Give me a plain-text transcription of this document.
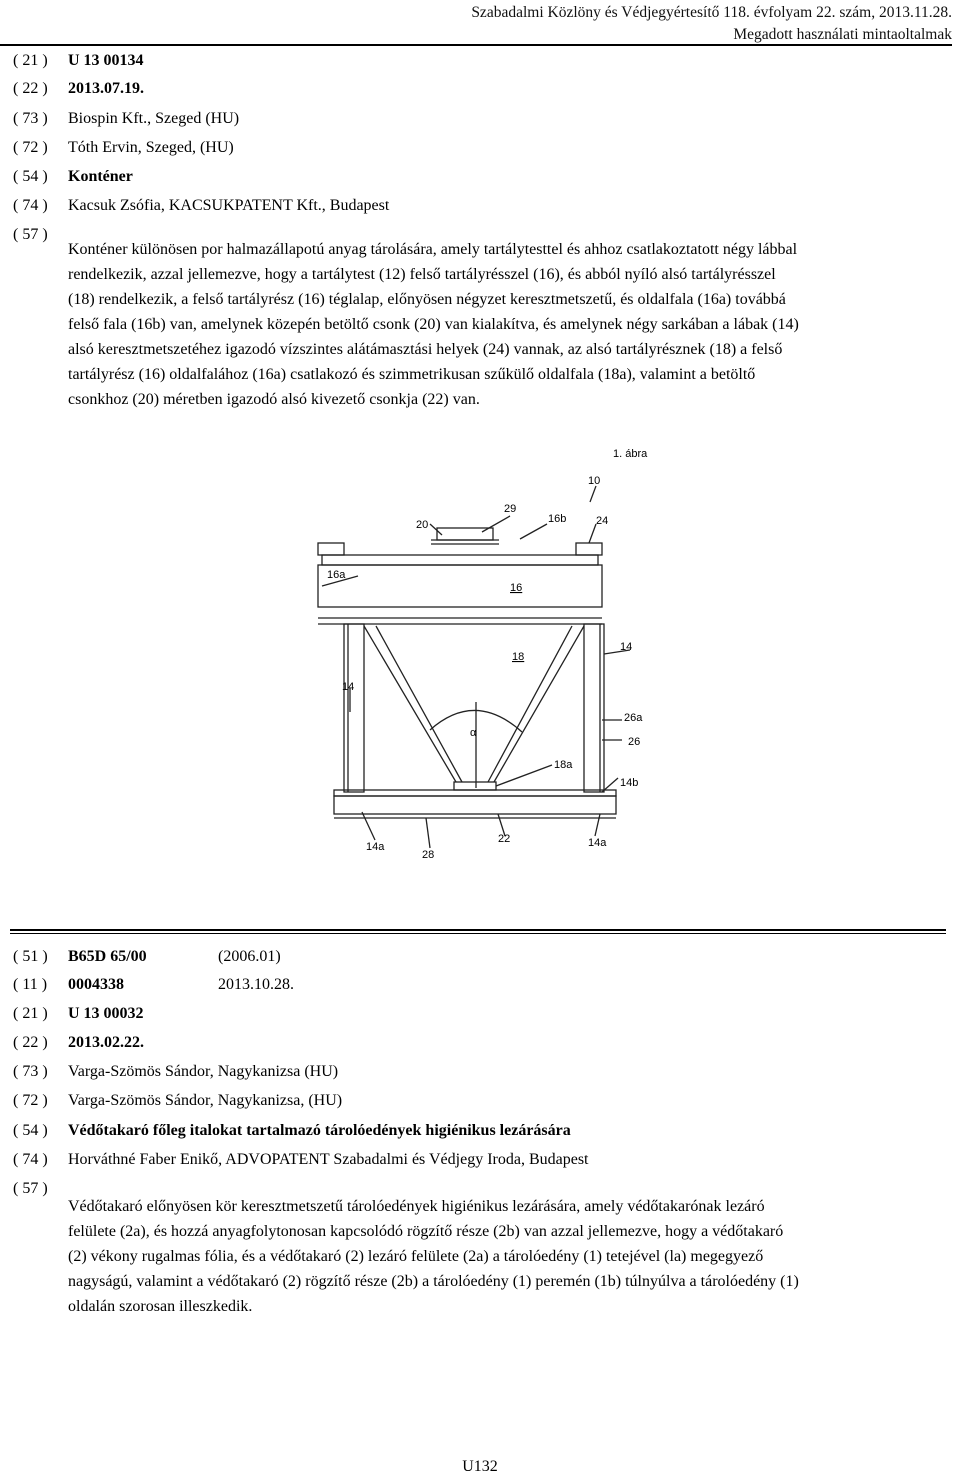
Szabadalmi Közlöny és Védjegyértesítő 118. évfolyam 22. szám, 2013.11.28.
Megadott használati mintaoltalmak
( 21 ) U 13 00134
( 22 ) 2013.07.19.
( 73 ) Biospin Kft., Szeged (HU)
( 72 ) Tóth Ervin, Szeged, (HU)
( 54 ) Konténer
( 74 ) Kacsuk Zsófia, KACSUKPATENT Kft., Budapest
( 57 )
Konténer különösen por halmazállapotú anyag tárolására, amely tartálytesttel és ahhoz csatlakoztatott négy lábbal
rendelkezik, azzal jellemezve, hogy a tartálytest (12) felső tartályrésszel (16), és abból nyíló alsó tartályrésszel
(18) rendelkezik, a felső tartályrész (16) téglalap, előnyösen négyzet keresztmetszetű, és oldalfala (16a) továbbá
felső fala (16b) van, amelynek közepén betöltő csonk (20) van kialakítva, és amelynek négy sarkában a lábak (14)
alsó keresztmetszetéhez igazodó vízszintes alátámasztási helyek (24) vannak, az alsó tartályrésznek (18) a felső
tartályrész (16) oldalfalához (16a) csatlakozó és szimmetrikusan szűkülő oldalfala (18a), valamint a betöltő
csonkhoz (20) méretben igazodó alsó kivezető csonkja (22) van.
1. ábra
10
29
20	16b	24
16a
16
18
14
14
26a
α
26
18a
14b
22
14a
28
14a
( 51 ) B65D 65/00	(2006.01)
( 11 ) 0004338	2013.10.28.
( 21 ) U 13 00032
( 22 ) 2013.02.22.
( 73 ) Varga-Szömös Sándor, Nagykanizsa (HU)
( 72 ) Varga-Szömös Sándor, Nagykanizsa, (HU)
( 54 ) Védőtakaró főleg italokat tartalmazó tárolóedények higiénikus lezárására
( 74 ) Horváthné Faber Enikő, ADVOPATENT Szabadalmi és Védjegy Iroda, Budapest
( 57 )
Védőtakaró előnyösen kör keresztmetszetű tárolóedények higiénikus lezárására, amely védőtakarónak lezáró
felülete (2a), és hozzá anyagfolytonosan kapcsolódó rögzítő része (2b) van azzal jellemezve, hogy a védőtakaró
(2) vékony rugalmas fólia, és a védőtakaró (2) lezáró felülete (2a) a tárolóedény (1) tetejével (la) megegyező
nagyságú, valamint a védőtakaró (2) rögzítő része (2b) a tárolóedény (1) peremén (1b) túlnyúlva a tárolóedény (1)
oldalán szorosan illeszkedik.
U132
